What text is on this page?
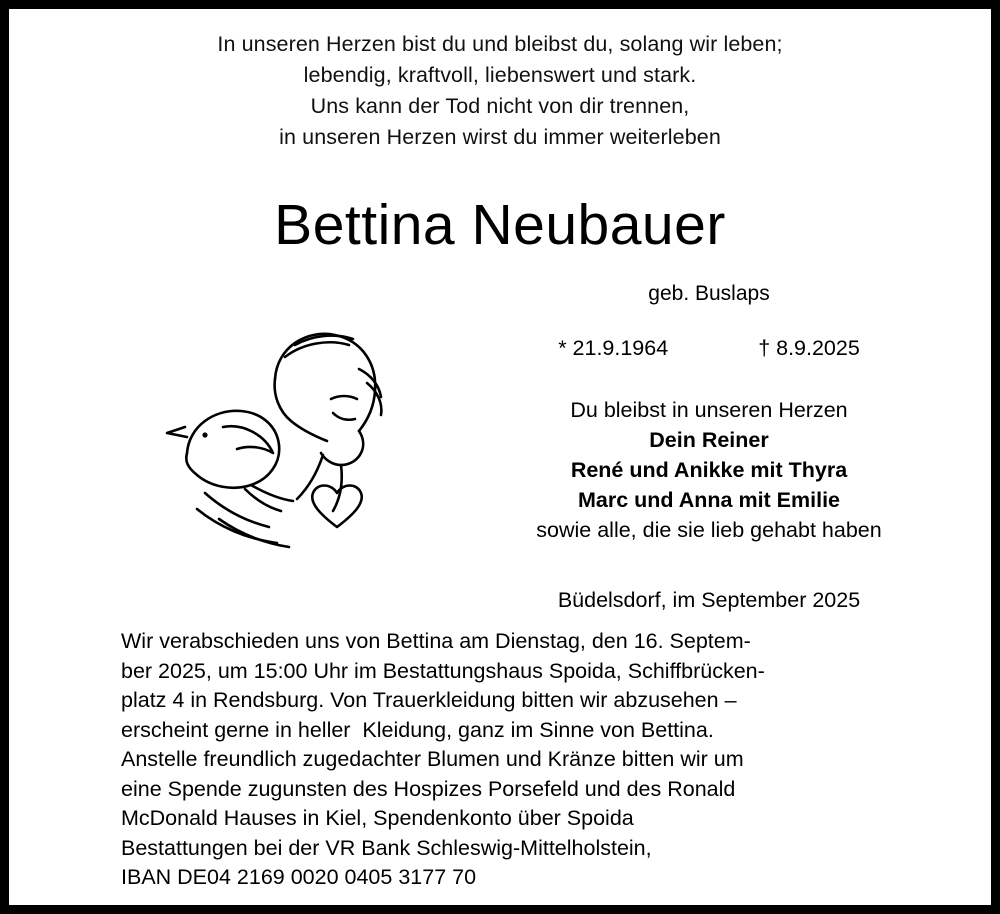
In unseren Herzen bist du und bleibst du, solang wir leben;
lebendig, kraftvoll, liebenswert und stark.
Uns kann der Tod nicht von dir trennen,
in unseren Herzen wirst du immer weiterleben
Bettina Neubauer
geb. Buslaps
* 21.9.1964	† 8.9.2025
Du bleibst in unseren Herzen
Dein Reiner
René und Anikke mit Thyra
Marc und Anna mit Emilie
sowie alle, die sie lieb gehabt haben
Büdelsdorf, im September 2025
Wir verabschieden uns von Bettina am Dienstag, den 16. Septem-
ber 2025, um 15:00 Uhr im Bestattungshaus Spoida, Schiffbrücken-
platz 4 in Rendsburg. Von Trauerkleidung bitten wir abzusehen –
erscheint gerne in heller  Kleidung, ganz im Sinne von Bettina.
Anstelle freundlich zugedachter Blumen und Kränze bitten wir um
eine Spende zugunsten des Hospizes Porsefeld und des Ronald
McDonald Hauses in Kiel, Spendenkonto über Spoida
Bestattungen bei der VR Bank Schleswig-Mittelholstein,
IBAN DE04 2169 0020 0405 3177 70
